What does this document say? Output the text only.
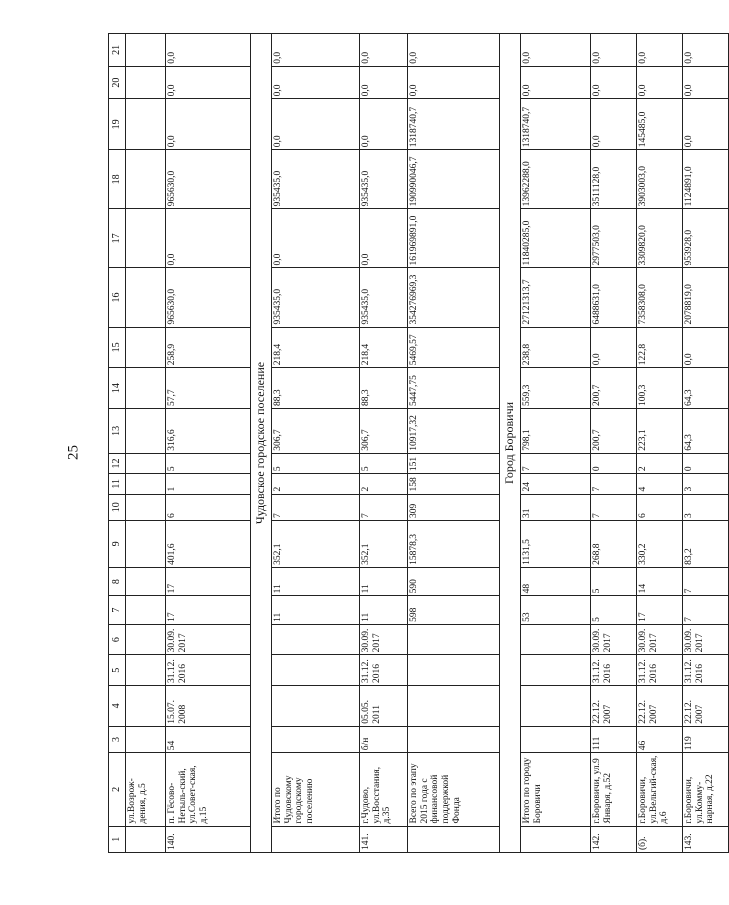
25
1	2	3	4	5	6	7	8	9	10	11	12	13	14	15	16	17	18	19	20	21
	ул.Возрож-дения, д.5																			
140.	п. Гёсово-Нетыль-ский, ул.Совет-ская, д.15	54	15.07. 2008	31.12. 2016	30.09. 2017	17	17	401,6	6	1	5	316,6	57,7	258,9	965630,0	0,0	965630,0	0,0	0,0	0,0
Чудовское городское поселение																				
	Итого по Чудовскому городскому поселению					11	11	352,1	7	2	5	306,7	88,3	218,4	935435,0	0,0	935435,0	0,0	0,0	0,0
141.	г.Чудово, ул.Восстания, д.35	б/н	05.05. 2011	31.12. 2016	30.09. 2017	11	11	352,1	7	2	5	306,7	88,3	218,4	935435,0	0,0	935435,0	0,0	0,0	0,0
	Всего по этапу 2015 года с финансовой поддержкой Фонда					598	590	15878,3	309	158	151	10917,32	5447,75	5469,57	354276969,3	161969891,0	190990046,7	1318740,7	0,0	0,0
Город Боровичи																				
	Итого по городу Боровичи					53	48	1131,5	31	24	7	798,1	559,3	238,8	27121313,7	11840285,0	13962288,0	1318740,7	0,0	0,0
142.	г.Боровичи, ул.9 Января, д.52	111	22.12. 2007	31.12. 2016	30.09. 2017	5	5	268,8	7	7	0	200,7	200,7	0,0	6488631,0	2977503,0	3511128,0	0,0	0,0	0,0
(б).	г.Боровичи, ул.Вельгий-ская, д.6	46	22.12. 2007	31.12. 2016	30.09. 2017	17	14	330,2	6	4	2	223,1	100,3	122,8	7358308,0	3309820,0	3903003,0	145485,0	0,0	0,0
143.	г.Боровичи, ул.Комму-нарная, д.22	119	22.12. 2007	31.12. 2016	30.09. 2017	7	7	83,2	3	3	0	64,3	64,3	0,0	2078819,0	953928,0	1124891,0	0,0	0,0	0,0
